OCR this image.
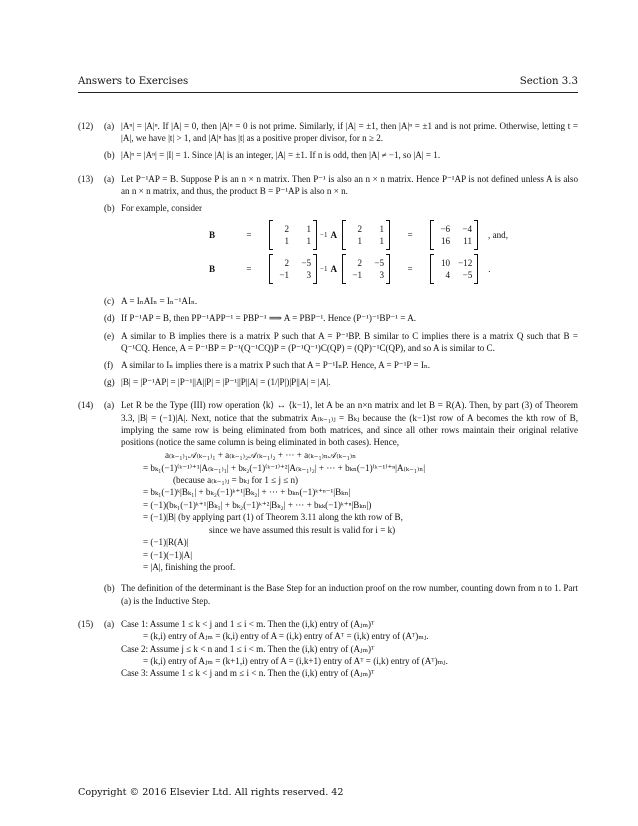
Answers to Exercises	Section 3.3
(12)	(a) |Aⁿ| = |A|ⁿ. If |A| = 0, then |A|ⁿ = 0 is not prime. Similarly, if |A| = ±1, then |A|ⁿ = ±1 and is not prime. Otherwise, letting t = |A|, we have |t| > 1, and |A|ⁿ has |t| as a positive proper divisor, for n ≥ 2.
(b) |A|ⁿ = |Aⁿ| = |I| = 1. Since |A| is an integer, |A| = ±1. If n is odd, then |A| ≠ −1, so |A| = 1.
(13)	(a) Let P⁻¹AP = B. Suppose P is an n × n matrix. Then P⁻¹ is also an n × n matrix. Hence P⁻¹AP is not defined unless A is also an n × n matrix, and thus, the product B = P⁻¹AP is also n × n.
(b) For example, consider
B	=
2	1
1	1
−1 A
2	1
1	1
=
−6	−4
16	11
, and,
B	=
2	−5
−1	3
−1 A
2	−5
−1	3
=
10 −12
4	−5
.
(c) A = IₙAIₙ = Iₙ⁻¹AIₙ.
(d) If P⁻¹AP = B, then PP⁻¹APP⁻¹ = PBP⁻¹ ⟹ A = PBP⁻¹. Hence (P⁻¹)⁻¹BP⁻¹ = A.
(e) A similar to B implies there is a matrix P such that A = P⁻¹BP. B similar to C implies there is a matrix Q such that B = Q⁻¹CQ. Hence, A = P⁻¹BP = P⁻¹(Q⁻¹CQ)P = (P⁻¹Q⁻¹)C(QP) = (QP)⁻¹C(QP), and so A is similar to C.
(f) A similar to Iₙ implies there is a matrix P such that A = P⁻¹IₙP. Hence, A = P⁻¹P = Iₙ.
(g) |B| = |P⁻¹AP| = |P⁻¹||A||P| = |P⁻¹||P||A| = (1/|P|)|P||A| = |A|.
(14)	(a) Let R be the Type (III) row operation ⟨k⟩ ↔ ⟨k−1⟩, let A be an n×n matrix and let B = R(A). Then, by part (3) of Theorem 3.3, |B| = (−1)|A|. Next, notice that the submatrix A₍ₖ₋₁₎ⱼ = Bₖⱼ because the (k−1)st row of A becomes the kth row of B, implying the same row is being eliminated from both matrices, and since all other rows maintain their original relative positions (notice the same column is being eliminated in both cases). Hence,
a₍ₖ₋₁₎₁𝒜₍ₖ₋₁₎₁ + a₍ₖ₋₁₎₂𝒜₍ₖ₋₁₎₂ + ··· + a₍ₖ₋₁₎ₙ𝒜₍ₖ₋₁₎ₙ
= bₖ₁(−1)⁽ᵏ⁻¹⁾⁺¹|A₍ₖ₋₁₎₁| + bₖ₂(−1)⁽ᵏ⁻¹⁾⁺²|A₍ₖ₋₁₎₂| + ··· + bₖₙ(−1)⁽ᵏ⁻¹⁾⁺ⁿ|A₍ₖ₋₁₎ₙ|
(because a₍ₖ₋₁₎ⱼ = bₖⱼ for 1 ≤ j ≤ n)
= bₖ₁(−1)ᵏ|Bₖ₁| + bₖ₂(−1)ᵏ⁺¹|Bₖ₂| + ··· + bₖₙ(−1)ᵏ⁺ⁿ⁻¹|Bₖₙ|
= (−1)(bₖ₁(−1)ᵏ⁺¹|Bₖ₁| + bₖ₂(−1)ᵏ⁺²|Bₖ₂| + ··· + bₖₖ(−1)ᵏ⁺ⁿ|Bₖₙ|)
= (−1)|B| (by applying part (1) of Theorem 3.11 along the kth row of B,
since we have assumed this result is valid for i = k)
= (−1)|R(A)|
= (−1)(−1)|A|
= |A|, finishing the proof.
(b) The definition of the determinant is the Base Step for an induction proof on the row number, counting down from n to 1. Part (a) is the Inductive Step.
(15)	(a) Case 1: Assume 1 ≤ k < j and 1 ≤ i < m. Then the (i,k) entry of (Aⱼₘ)ᵀ
= (k,i) entry of Aⱼₘ = (k,i) entry of A = (i,k) entry of Aᵀ = (i,k) entry of (Aᵀ)ₘⱼ.
Case 2: Assume j ≤ k < n and 1 ≤ i < m. Then the (i,k) entry of (Aⱼₘ)ᵀ
= (k,i) entry of Aⱼₘ = (k+1,i) entry of A = (i,k+1) entry of Aᵀ = (i,k) entry of (Aᵀ)ₘⱼ.
Case 3: Assume 1 ≤ k < j and m ≤ i < n. Then the (i,k) entry of (Aⱼₘ)ᵀ
Copyright © 2016 Elsevier Ltd. All rights reserved. 42
